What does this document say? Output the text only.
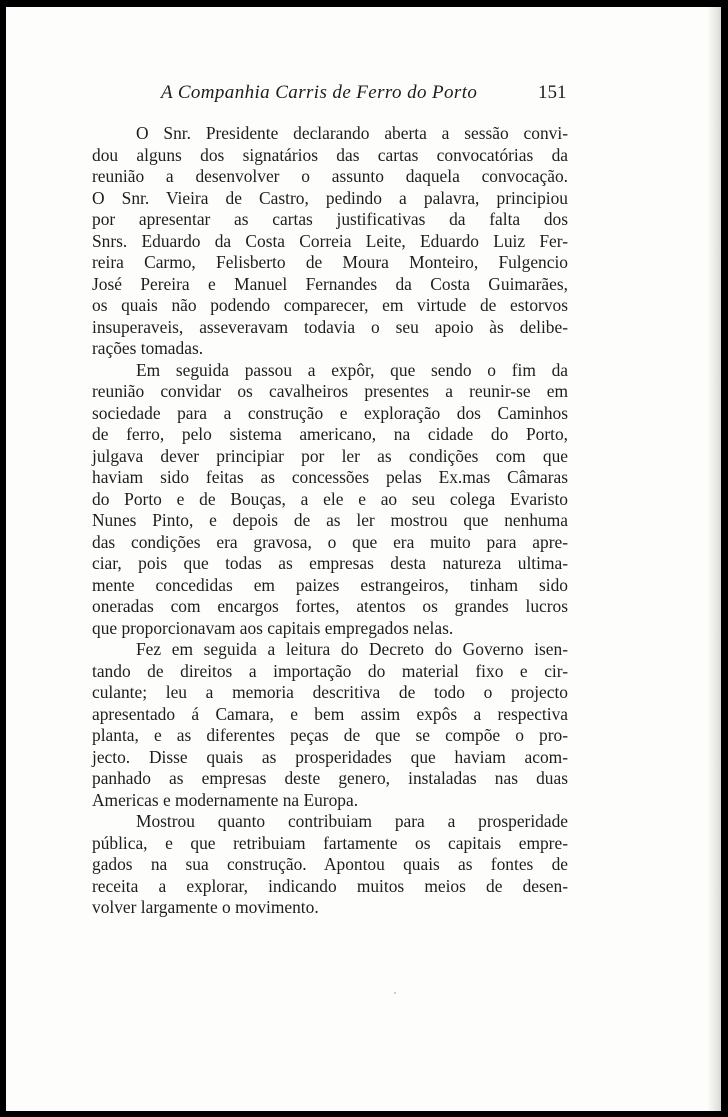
A Companhia Carris de Ferro do Porto	151

O Snr. Presidente declarando aberta a sessão convi-
dou alguns dos signatários das cartas convocatórias da
reunião a desenvolver o assunto daquela convocação.
O Snr. Vieira de Castro, pedindo a palavra, principiou
por apresentar as cartas justificativas da falta dos
Snrs. Eduardo da Costa Correia Leite, Eduardo Luiz Fer-
reira Carmo, Felisberto de Moura Monteiro, Fulgencio
José Pereira e Manuel Fernandes da Costa Guimarães,
os quais não podendo comparecer, em virtude de estorvos
insuperaveis, asseveravam todavia o seu apoio às delibe-
rações tomadas.

Em seguida passou a expôr, que sendo o fim da
reunião convidar os cavalheiros presentes a reunir-se em
sociedade para a construção e exploração dos Caminhos
de ferro, pelo sistema americano, na cidade do Porto,
julgava dever principiar por ler as condições com que
haviam sido feitas as concessões pelas Ex.mas Câmaras
do Porto e de Bouças, a ele e ao seu colega Evaristo
Nunes Pinto, e depois de as ler mostrou que nenhuma
das condições era gravosa, o que era muito para apre-
ciar, pois que todas as empresas desta natureza ultima-
mente concedidas em paizes estrangeiros, tinham sido
oneradas com encargos fortes, atentos os grandes lucros
que proporcionavam aos capitais empregados nelas.

Fez em seguida a leitura do Decreto do Governo isen-
tando de direitos a importação do material fixo e cir-
culante; leu a memoria descritiva de todo o projecto
apresentado á Camara, e bem assim expôs a respectiva
planta, e as diferentes peças de que se compõe o pro-
jecto. Disse quais as prosperidades que haviam acom-
panhado as empresas deste genero, instaladas nas duas
Americas e modernamente na Europa.

Mostrou quanto contribuiam para a prosperidade
pública, e que retribuiam fartamente os capitais empre-
gados na sua construção. Apontou quais as fontes de
receita a explorar, indicando muitos meios de desen-
volver largamente o movimento.
